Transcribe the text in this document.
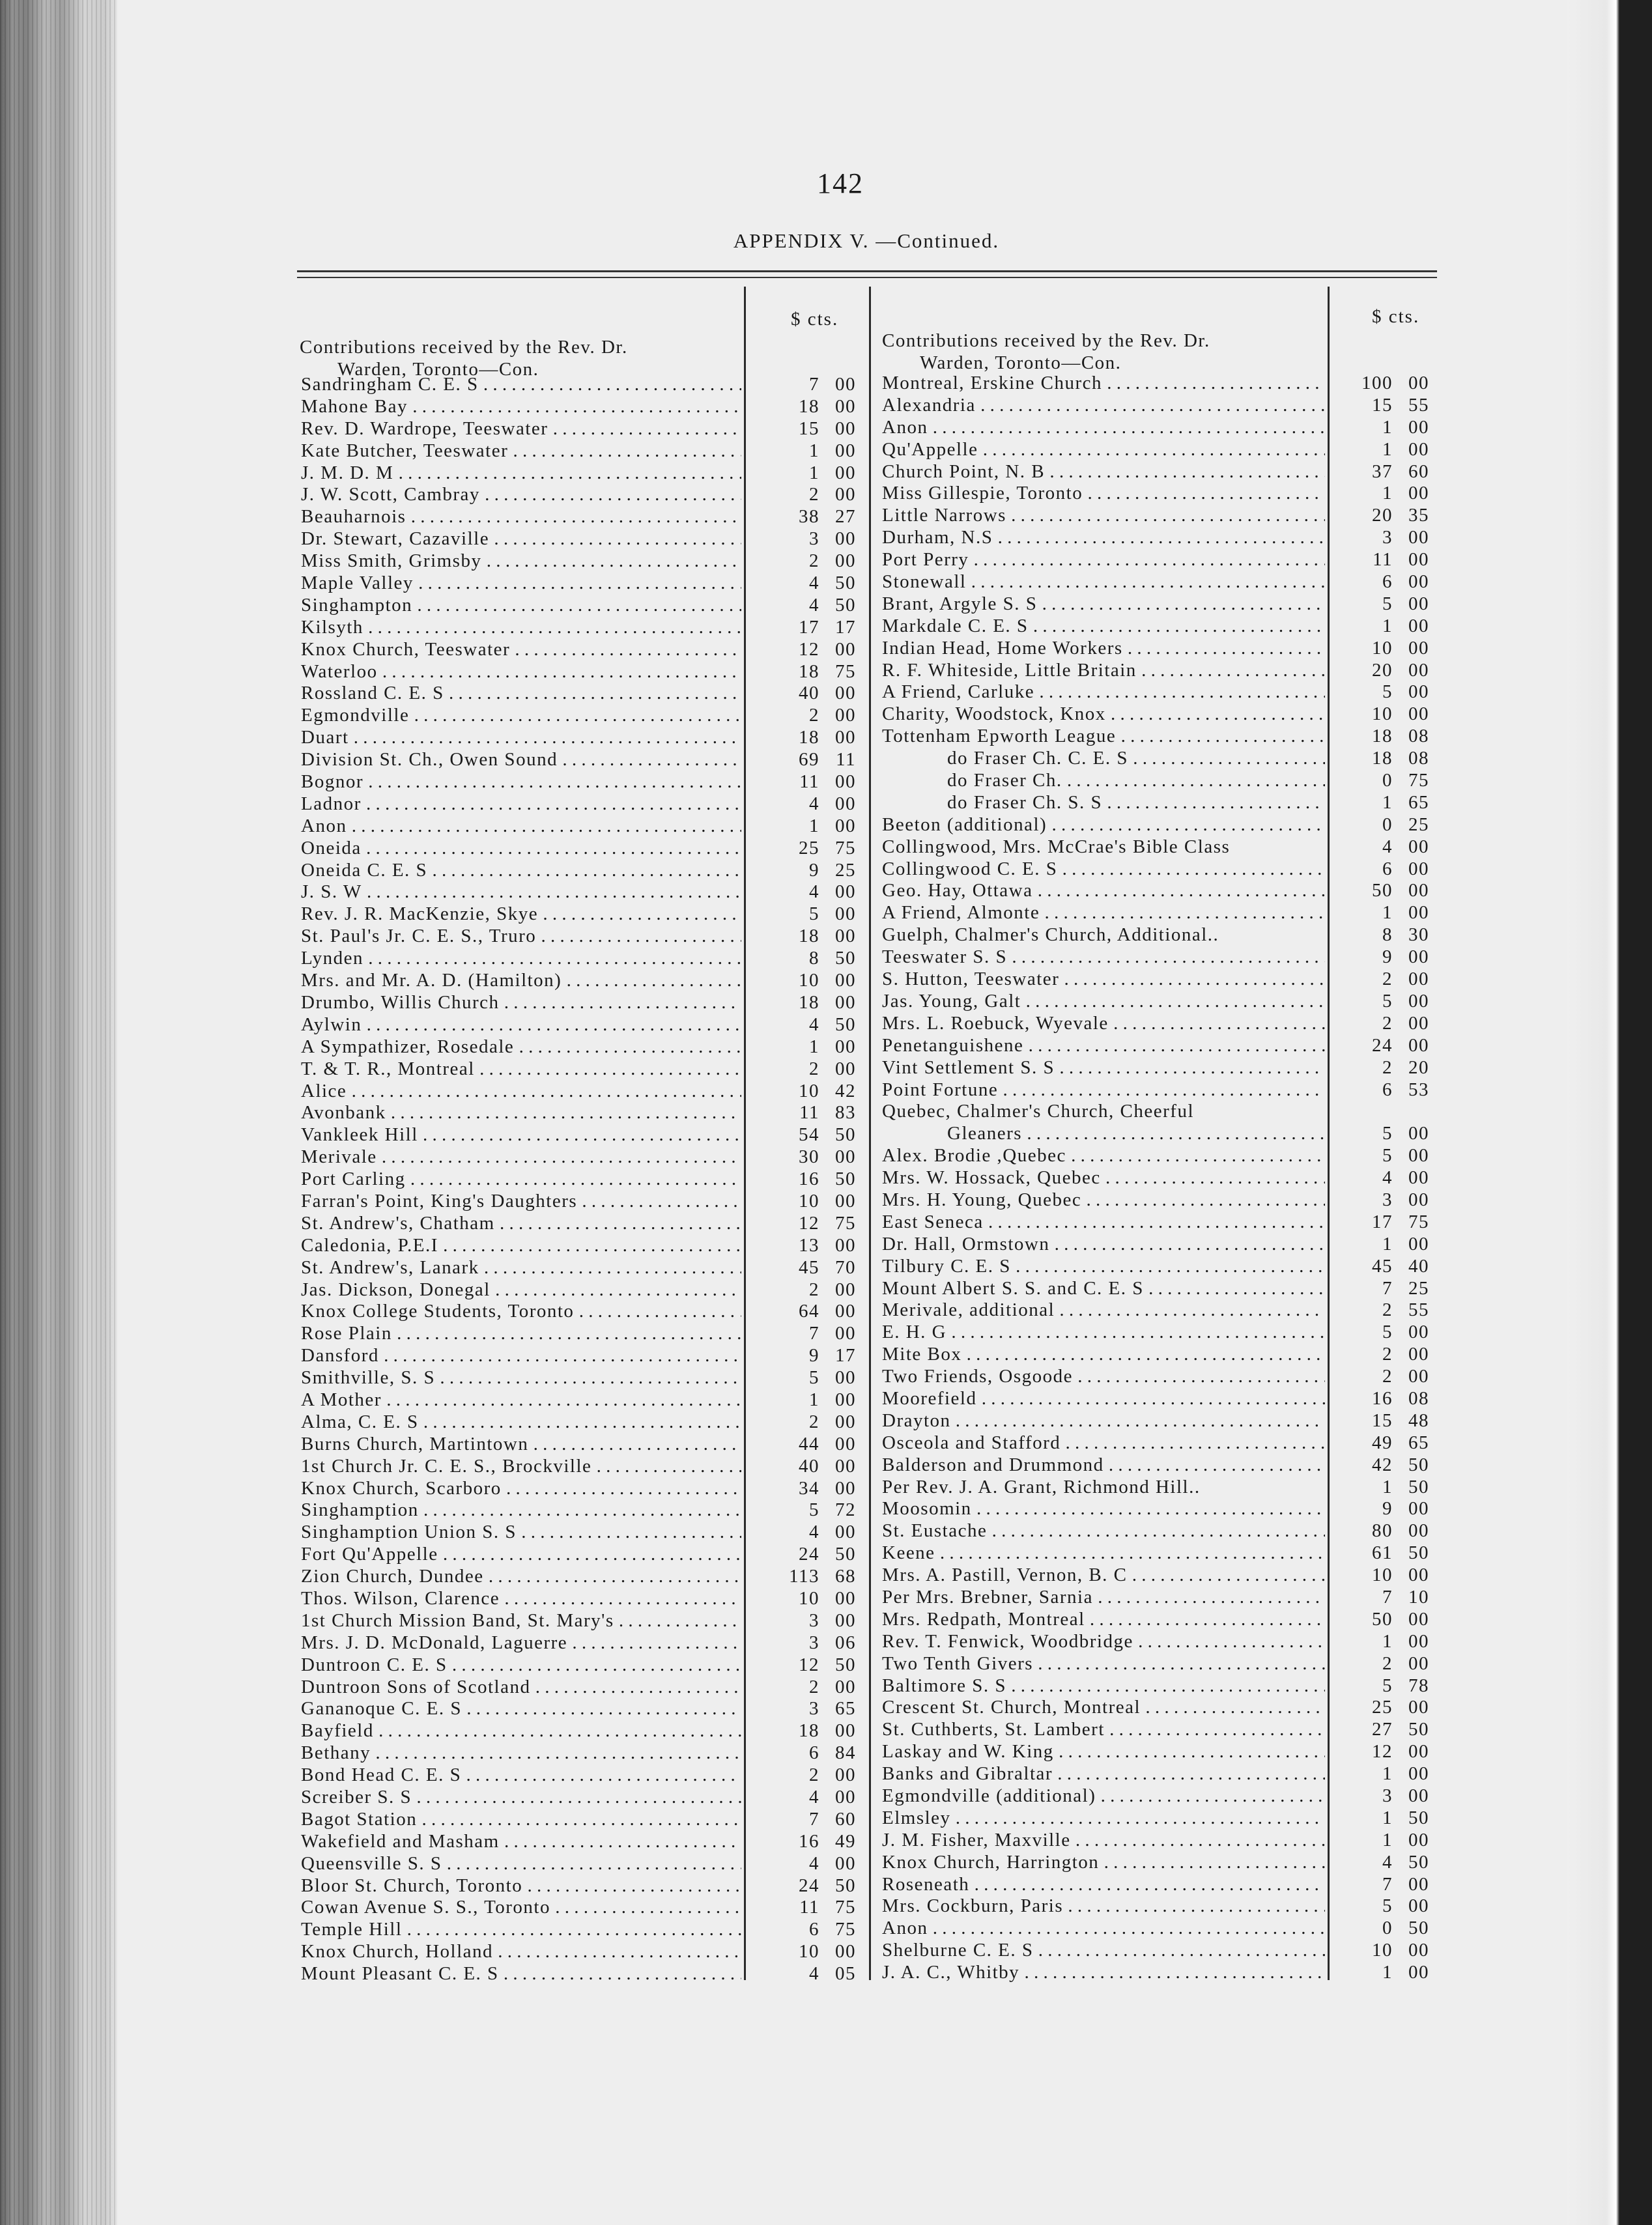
142
APPENDIX V. —Continued.
$ cts.	$ cts.
Contributions received by the Rev. Dr.
Warden, Toronto—Con.
Contributions received by the Rev. Dr.
Warden, Toronto—Con.
Sandringham C. E. S . . .
Mahone Bay . . .
Rev. D. Wardrope, Teeswater . . .
Kate Butcher, Teeswater . . .
J. M. D. M . . .
J. W. Scott, Cambray . . .
Beauharnois . . .
Dr. Stewart, Cazaville . . .
Miss Smith, Grimsby . . .
Maple Valley . . .
Singhampton . . .
Kilsyth . . .
Knox Church, Teeswater . . .
Waterloo . . .
Rossland C. E. S . . .
Egmondville . . .
Duart . . .
Division St. Ch., Owen Sound . . .
Bognor . . .
Ladnor . . .
Anon . . .
Oneida . . .
Oneida C. E. S . . .
J. S. W . . .
Rev. J. R. MacKenzie, Skye . . .
St. Paul's Jr. C. E. S., Truro . . .
Lynden . . .
Mrs. and Mr. A. D. (Hamilton) . . .
Drumbo, Willis Church . . .
Aylwin . . .
A Sympathizer, Rosedale . . .
T. & T. R., Montreal . . .
Alice . . .
Avonbank . . .
Vankleek Hill . . .
Merivale . . .
Port Carling . . .
Farran's Point, King's Daughters . . .
St. Andrew's, Chatham . . .
Caledonia, P.E.I . . .
St. Andrew's, Lanark . . .
Jas. Dickson, Donegal . . .
Knox College Students, Toronto . . .
Rose Plain . . .
Dansford . . .
Smithville, S. S . . .
A Mother . . .
Alma, C. E. S . . .
Burns Church, Martintown . . .
1st Church Jr. C. E. S., Brockville . . .
Knox Church, Scarboro . . .
Singhamption . . .
Singhamption Union S. S . . .
Fort Qu'Appelle . . .
Zion Church, Dundee . . .
Thos. Wilson, Clarence . . .
1st Church Mission Band, St. Mary's . . .
Mrs. J. D. McDonald, Laguerre . . .
Duntroon C. E. S . . .
Duntroon Sons of Scotland . . .
Gananoque C. E. S . . .
Bayfield . . .
Bethany . . .
Bond Head C. E. S . . .
Screiber S. S . . .
Bagot Station . . .
Wakefield and Masham . . .
Queensville S. S . . .
Bloor St. Church, Toronto . . .
Cowan Avenue S. S., Toronto . . .
Temple Hill . . .
Knox Church, Holland . . .
Mount Pleasant C. E. S . . .
7 00
18 00
15 00
1 00
1 00
2 00
38 27
3 00
2 00
4 50
4 50
17 17
12 00
18 75
40 00
2 00
18 00
69 11
11 00
4 00
1 00
25 75
9 25
4 00
5 00
18 00
8 50
10 00
18 00
4 50
1 00
2 00
10 42
11 83
54 50
30 00
16 50
10 00
12 75
13 00
45 70
2 00
64 00
7 00
9 17
5 00
1 00
2 00
44 00
40 00
34 00
5 72
4 00
24 50
113 68
10 00
3 00
3 06
12 50
2 00
3 65
18 00
6 84
2 00
4 00
7 60
16 49
4 00
24 50
11 75
6 75
10 00
4 05
Montreal, Erskine Church . . .
Alexandria . . .
Anon . . .
Qu'Appelle . . .
Church Point, N. B . . .
Miss Gillespie, Toronto . . .
Little Narrows . . .
Durham, N.S . . .
Port Perry . . .
Stonewall . . .
Brant, Argyle S. S . . .
Markdale C. E. S . . .
Indian Head, Home Workers . . .
R. F. Whiteside, Little Britain . . .
A Friend, Carluke . . .
Charity, Woodstock, Knox . . .
Tottenham Epworth League . . .
do Fraser Ch. C. E. S . . .
do Fraser Ch. . . .
do Fraser Ch. S. S . . .
Beeton (additional) . . .
Collingwood, Mrs. McCrae's Bible Class
Collingwood C. E. S . . .
Geo. Hay, Ottawa . . .
A Friend, Almonte . . .
Guelph, Chalmer's Church, Additional..
Teeswater S. S . . .
S. Hutton, Teeswater . . .
Jas. Young, Galt . . .
Mrs. L. Roebuck, Wyevale . . .
Penetanguishene . . .
Vint Settlement S. S . . .
Point Fortune . . .
Quebec, Chalmer's Church, Cheerful
Gleaners . . .
Alex. Brodie ,Quebec . . .
Mrs. W. Hossack, Quebec . . .
Mrs. H. Young, Quebec . . .
East Seneca . . .
Dr. Hall, Ormstown . . .
Tilbury C. E. S . . .
Mount Albert S. S. and C. E. S . . .
Merivale, additional . . .
E. H. G . . .
Mite Box . . .
Two Friends, Osgoode . . .
Moorefield . . .
Drayton . . .
Osceola and Stafford . . .
Balderson and Drummond . . .
Per Rev. J. A. Grant, Richmond Hill..
Moosomin . . .
St. Eustache . . .
Keene . . .
Mrs. A. Pastill, Vernon, B. C . . .
Per Mrs. Brebner, Sarnia . . .
Mrs. Redpath, Montreal . . .
Rev. T. Fenwick, Woodbridge . . .
Two Tenth Givers . . .
Baltimore S. S . . .
Crescent St. Church, Montreal . . .
St. Cuthberts, St. Lambert . . .
Laskay and W. King . . .
Banks and Gibraltar . . .
Egmondville (additional) . . .
Elmsley . . .
J. M. Fisher, Maxville . . .
Knox Church, Harrington . . .
Roseneath . . .
Mrs. Cockburn, Paris . . .
Anon . . .
Shelburne C. E. S . . .
J. A. C., Whitby . . .
100 00
15 55
1 00
1 00
37 60
1 00
20 35
3 00
11 00
6 00
5 00
1 00
10 00
20 00
5 00
10 00
18 08
18 08
0 75
1 65
0 25
4 00
6 00
50 00
1 00
8 30
9 00
2 00
5 00
2 00
24 00
2 20
6 53
5 00
5 00
4 00
3 00
17 75
1 00
45 40
7 25
2 55
5 00
2 00
2 00
16 08
15 48
49 65
42 50
1 50
9 00
80 00
61 50
10 00
7 10
50 00
1 00
2 00
5 78
25 00
27 50
12 00
1 00
3 00
1 50
1 00
4 50
7 00
5 00
0 50
10 00
1 00
